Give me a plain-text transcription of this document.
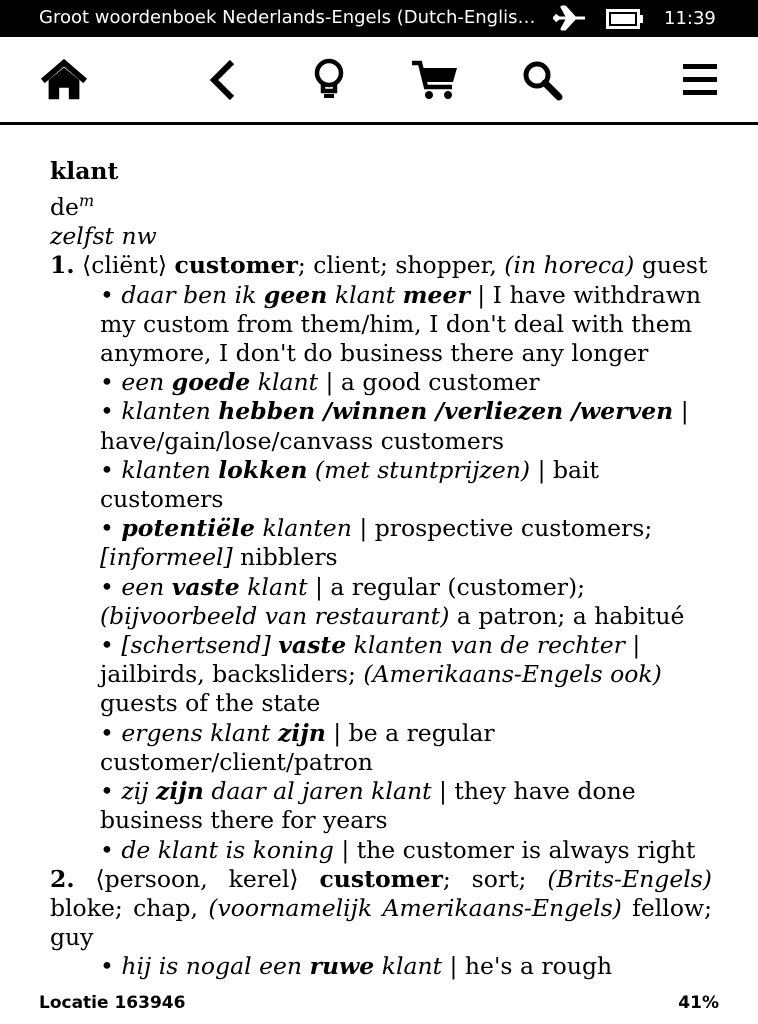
Groot woordenboek Nederlands-Engels (Dutch-Englis…	11:39

klant

$de^m$

zelfst nw

1. ⟨cliënt⟩ customer; client; shopper, (in horeca) guest

• daar ben ik geen klant meer | I have withdrawn my custom from them/him, I don't deal with them anymore, I don't do business there any longer

• een goede klant | a good customer

• klanten hebben /winnen /verliezen /werven | have/gain/lose/canvass customers

• klanten lokken (met stuntprijzen) | bait customers

• potentiële klanten | prospective customers; [informeel] nibblers

• een vaste klant | a regular (customer); (bijvoorbeeld van restaurant) a patron; a habitué

• [schertsend] vaste klanten van de rechter | jailbirds, backsliders; (Amerikaans-Engels ook) guests of the state

• ergens klant zijn | be a regular customer/client/patron

• zij zijn daar al jaren klant | they have done business there for years

• de klant is koning | the customer is always right

2. ⟨persoon, kerel⟩ customer; sort; (Brits-Engels) bloke; chap, (voornamelijk Amerikaans-Engels) fellow; guy

• hij is nogal een ruwe klant | he's a rough

Locatie 163946	41%
